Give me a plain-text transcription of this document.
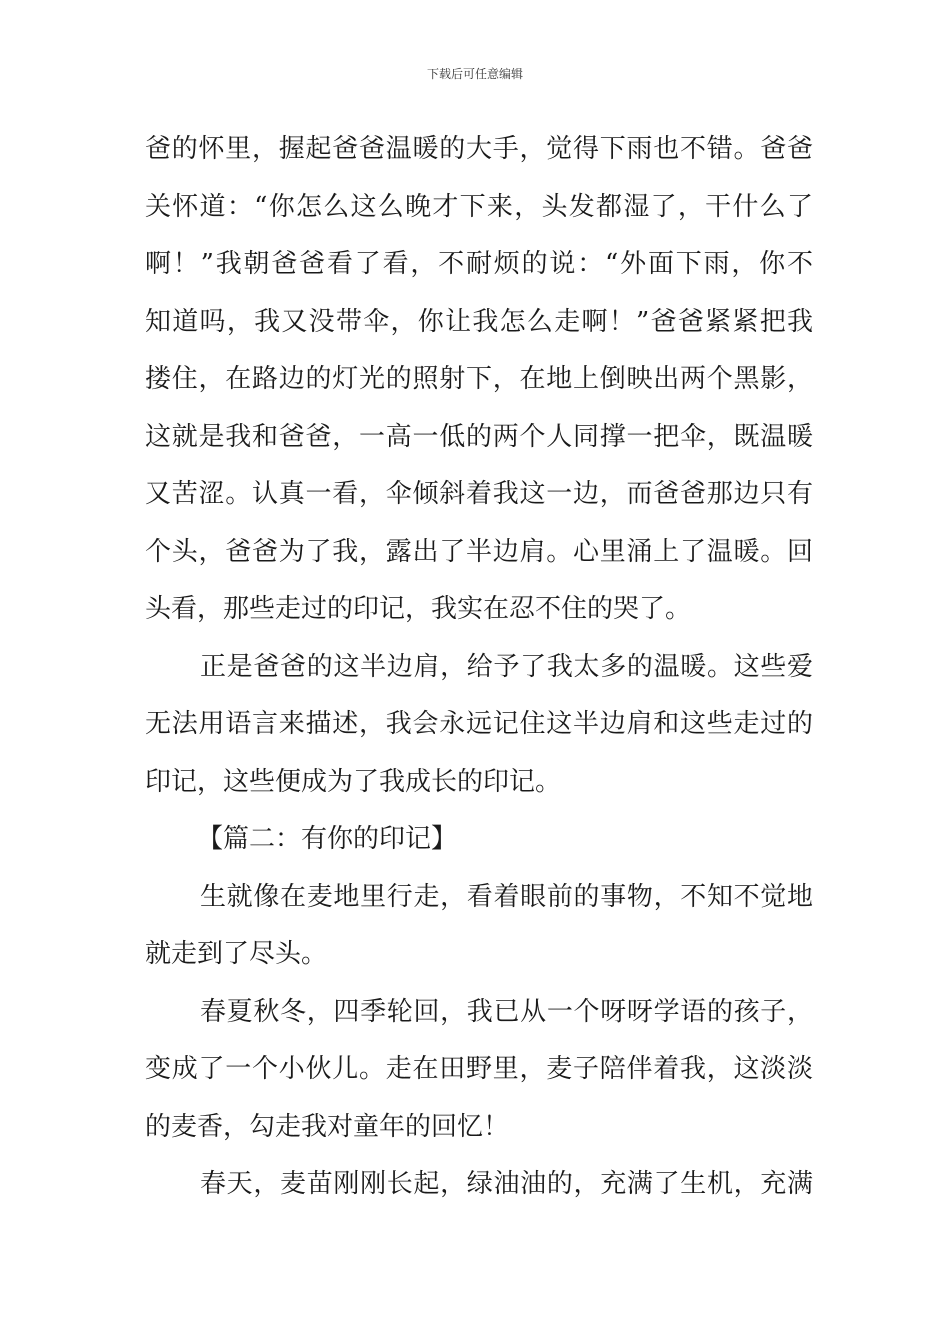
下载后可任意编辑
爸的怀里，握起爸爸温暖的大手，觉得下雨也不错。爸爸
关怀道：“你怎么这么晚才下来，头发都湿了，干什么了
啊！”我朝爸爸看了看，不耐烦的说：“外面下雨，你不
知道吗，我又没带伞，你让我怎么走啊！”爸爸紧紧把我
搂住，在路边的灯光的照射下，在地上倒映出两个黑影，
这就是我和爸爸，一高一低的两个人同撑一把伞，既温暖
又苦涩。认真一看，伞倾斜着我这一边，而爸爸那边只有
个头，爸爸为了我，露出了半边肩。心里涌上了温暖。回
头看，那些走过的印记，我实在忍不住的哭了。
正是爸爸的这半边肩，给予了我太多的温暖。这些爱
无法用语言来描述，我会永远记住这半边肩和这些走过的
印记，这些便成为了我成长的印记。
【篇二：有你的印记】
生就像在麦地里行走，看着眼前的事物，不知不觉地
就走到了尽头。
春夏秋冬，四季轮回，我已从一个呀呀学语的孩子，
变成了一个小伙儿。走在田野里，麦子陪伴着我，这淡淡
的麦香，勾走我对童年的回忆！
春天，麦苗刚刚长起，绿油油的，充满了生机，充满
